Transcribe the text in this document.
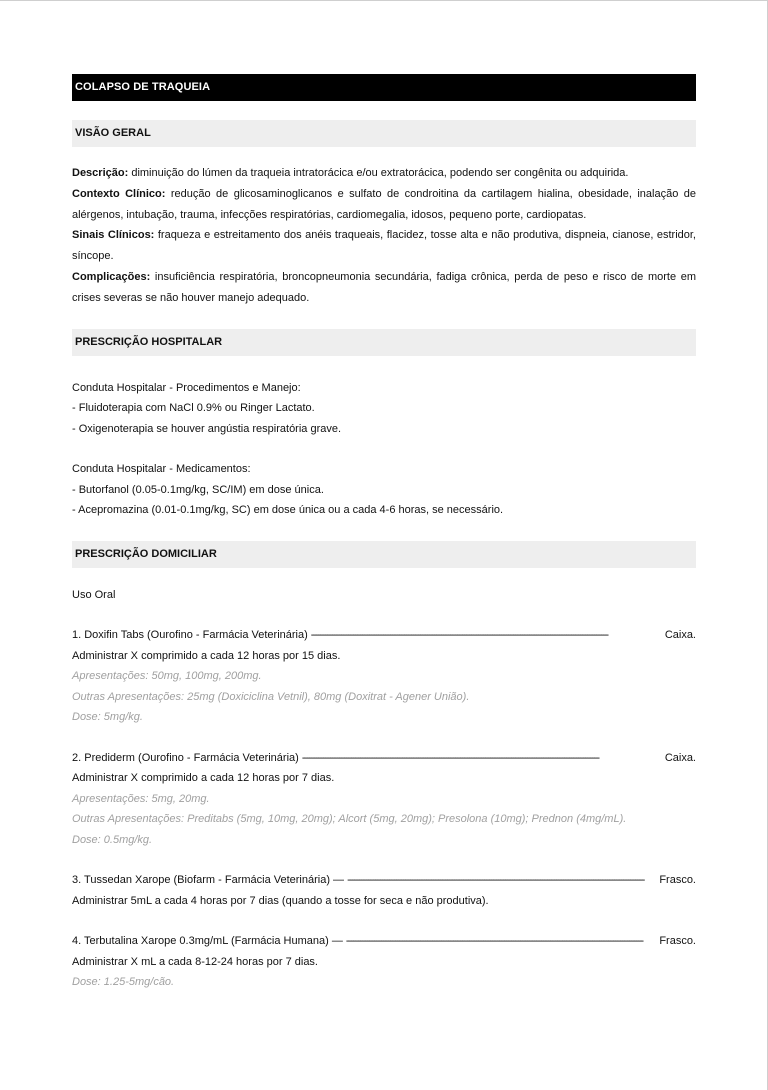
COLAPSO DE TRAQUEIA
VISÃO GERAL

Descrição: diminuição do lúmen da traqueia intratorácica e/ou extratorácica, podendo ser congênita ou adquirida.

Contexto Clínico: redução de glicosaminoglicanos e sulfato de condroitina da cartilagem hialina, obesidade, inalação de alérgenos, intubação, trauma, infecções respiratórias, cardiomegalia, idosos, pequeno porte, cardiopatas.

Sinais Clínicos: fraqueza e estreitamento dos anéis traqueais, flacidez, tosse alta e não produtiva, dispneia, cianose, estridor, síncope.

Complicações: insuficiência respiratória, broncopneumonia secundária, fadiga crônica, perda de peso e risco de morte em crises severas se não houver manejo adequado.

PRESCRIÇÃO HOSPITALAR

Conduta Hospitalar - Procedimentos e Manejo:

- Fluidoterapia com NaCl 0.9% ou Ringer Lactato.

- Oxigenoterapia se houver angústia respiratória grave.

Conduta Hospitalar - Medicamentos:

- Butorfanol (0.05-0.1mg/kg, SC/IM) em dose única.

- Acepromazina (0.01-0.1mg/kg, SC) em dose única ou a cada 4-6 horas, se necessário.

PRESCRIÇÃO DOMICILIAR

Uso Oral

1. Doxifin Tabs (Ourofino - Farmácia Veterinária) - - -	Caixa.

Administrar X comprimido a cada 12 horas por 15 dias.

Apresentações: 50mg, 100mg, 200mg.

Outras Apresentações: 25mg (Doxiciclina Vetnil), 80mg (Doxitrat - Agener União).

Dose: 5mg/kg.

2. Prediderm (Ourofino - Farmácia Veterinária) - - -	Caixa.

Administrar X comprimido a cada 12 horas por 7 dias.

Apresentações: 5mg, 20mg.

Outras Apresentações: Preditabs (5mg, 10mg, 20mg); Alcort (5mg, 20mg); Presolona (10mg); Prednon (4mg/mL).

Dose: 0.5mg/kg.

3. Tussedan Xarope (Biofarm - Farmácia Veterinária) — - - -	Frasco.

Administrar 5mL a cada 4 horas por 7 dias (quando a tosse for seca e não produtiva).

4. Terbutalina Xarope 0.3mg/mL (Farmácia Humana) — - - -	Frasco.

Administrar X mL a cada 8-12-24 horas por 7 dias.

Dose: 1.25-5mg/cão.
